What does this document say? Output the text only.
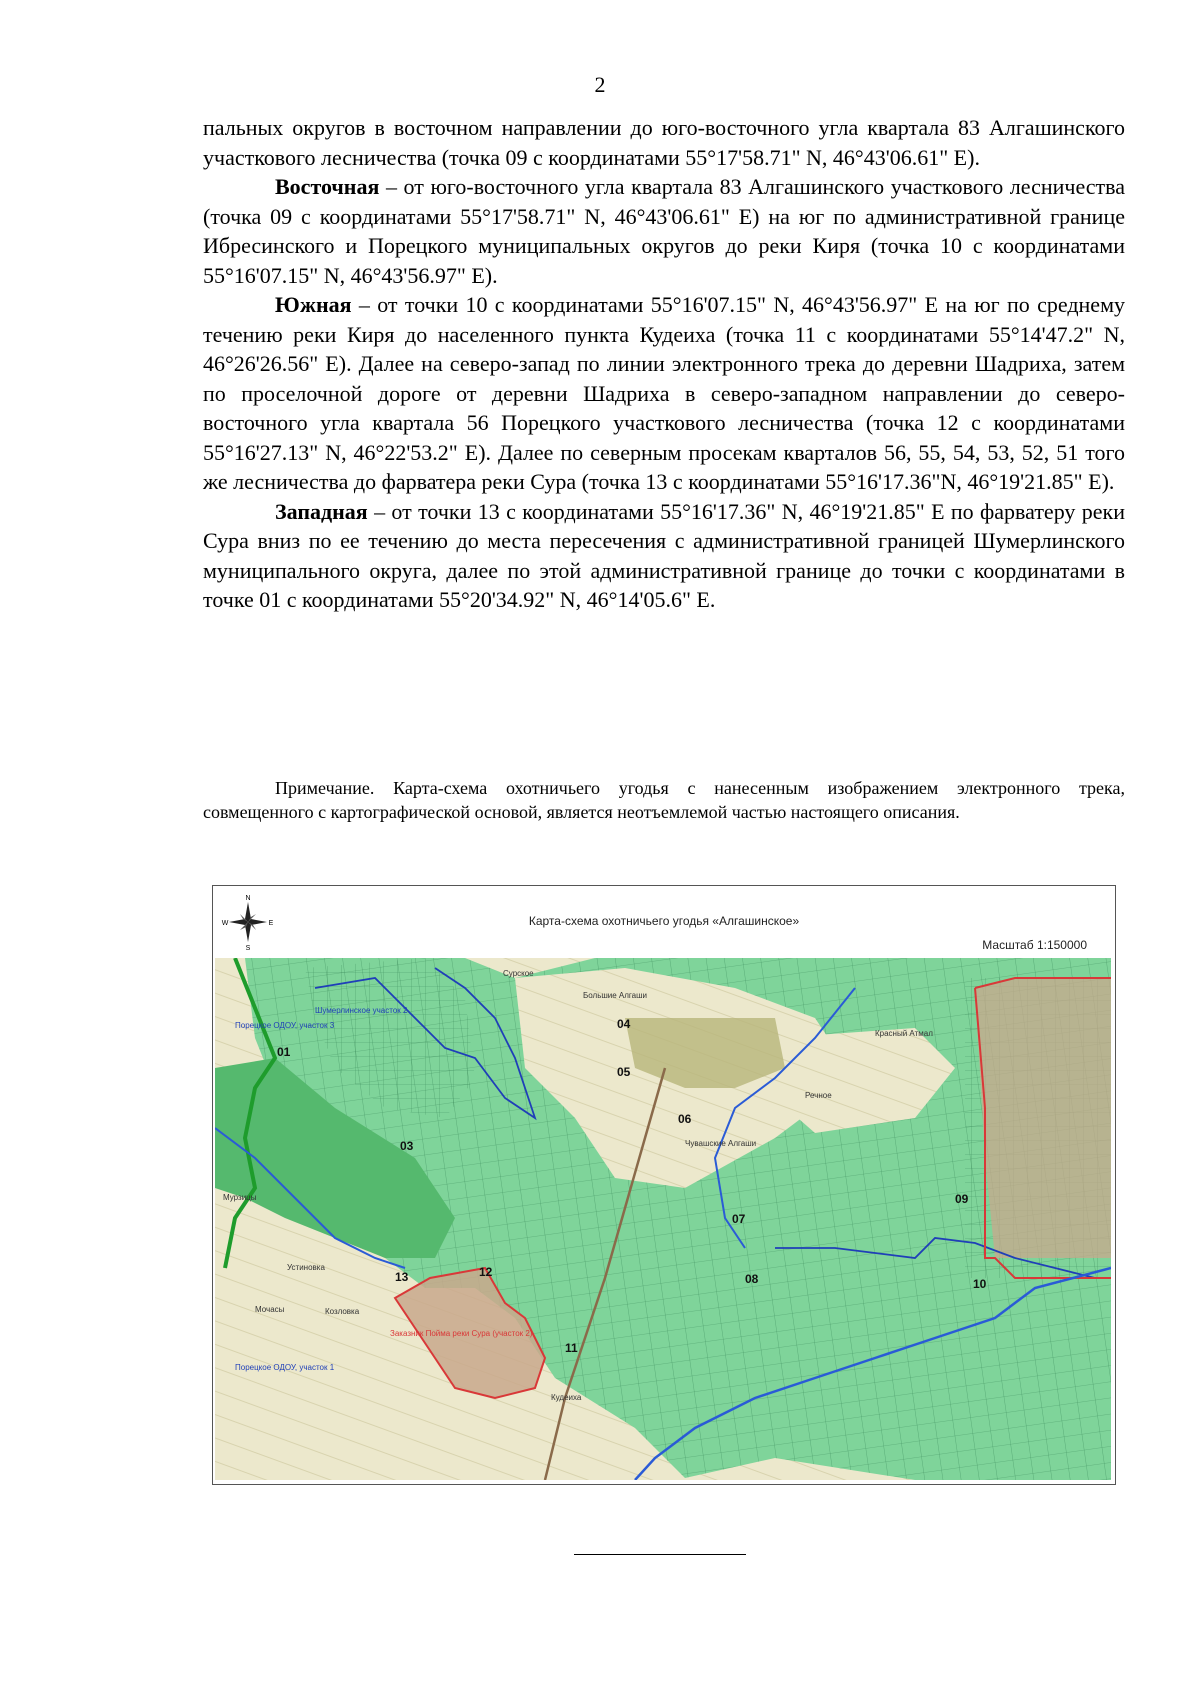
2

пальных округов в восточном направлении до юго-восточного угла квартала 83 Алгашинского участкового лесничества (точка 09 с координатами 55°17'58.71" N, 46°43'06.61" E).

Восточная – от юго-восточного угла квартала 83 Алгашинского участкового лесничества (точка 09 с координатами 55°17'58.71" N, 46°43'06.61" E) на юг по административной границе Ибресинского и Порецкого муниципальных округов до реки Киря (точка 10 с координатами 55°16'07.15" N, 46°43'56.97" E).

Южная – от точки 10 с координатами 55°16'07.15" N, 46°43'56.97" E на юг по среднему течению реки Киря до населенного пункта Кудеиха (точка 11 с координатами 55°14'47.2" N, 46°26'26.56" E). Далее на северо-запад по линии электронного трека до деревни Шадриха, затем по проселочной дороге от деревни Шадриха в северо-западном направлении до северо-восточного угла квартала 56 Порецкого участкового лесничества (точка 12 с координатами 55°16'27.13" N, 46°22'53.2" E). Далее по северным просекам кварталов 56, 55, 54, 53, 52, 51 того же лесничества до фарватера реки Сура (точка 13 с координатами 55°16'17.36"N, 46°19'21.85" E).

Западная – от точки 13 с координатами 55°16'17.36" N, 46°19'21.85" E по фарватеру реки Сура вниз по ее течению до места пересечения с административной границей Шумерлинского муниципального округа, далее по этой административной границе до точки с координатами в точке 01 с координатами 55°20'34.92" N, 46°14'05.6" E.

Примечание. Карта-схема охотничьего угодья с нанесенным изображением электронного трека, совмещенного с картографической основой, является неотъемлемой частью настоящего описания.
N
S
W	E	Карта-схема охотничьего угодья «Алгашинское»
Масштаб 1:150000
01
03
04
05
06
07
08
09
10
11
12
13
Сурское
Большие Алгаши
Красный Атмал
Речное
Чувашские Алгаши
Мурзицы
Устиновка
Мочасы	Козловка
Кудеиха
Шумерлинское участок 2
Порецкое ОДОУ, участок 3
Порецкое ОДОУ, участок 1
Заказник Пойма реки Сура (участок 2)
